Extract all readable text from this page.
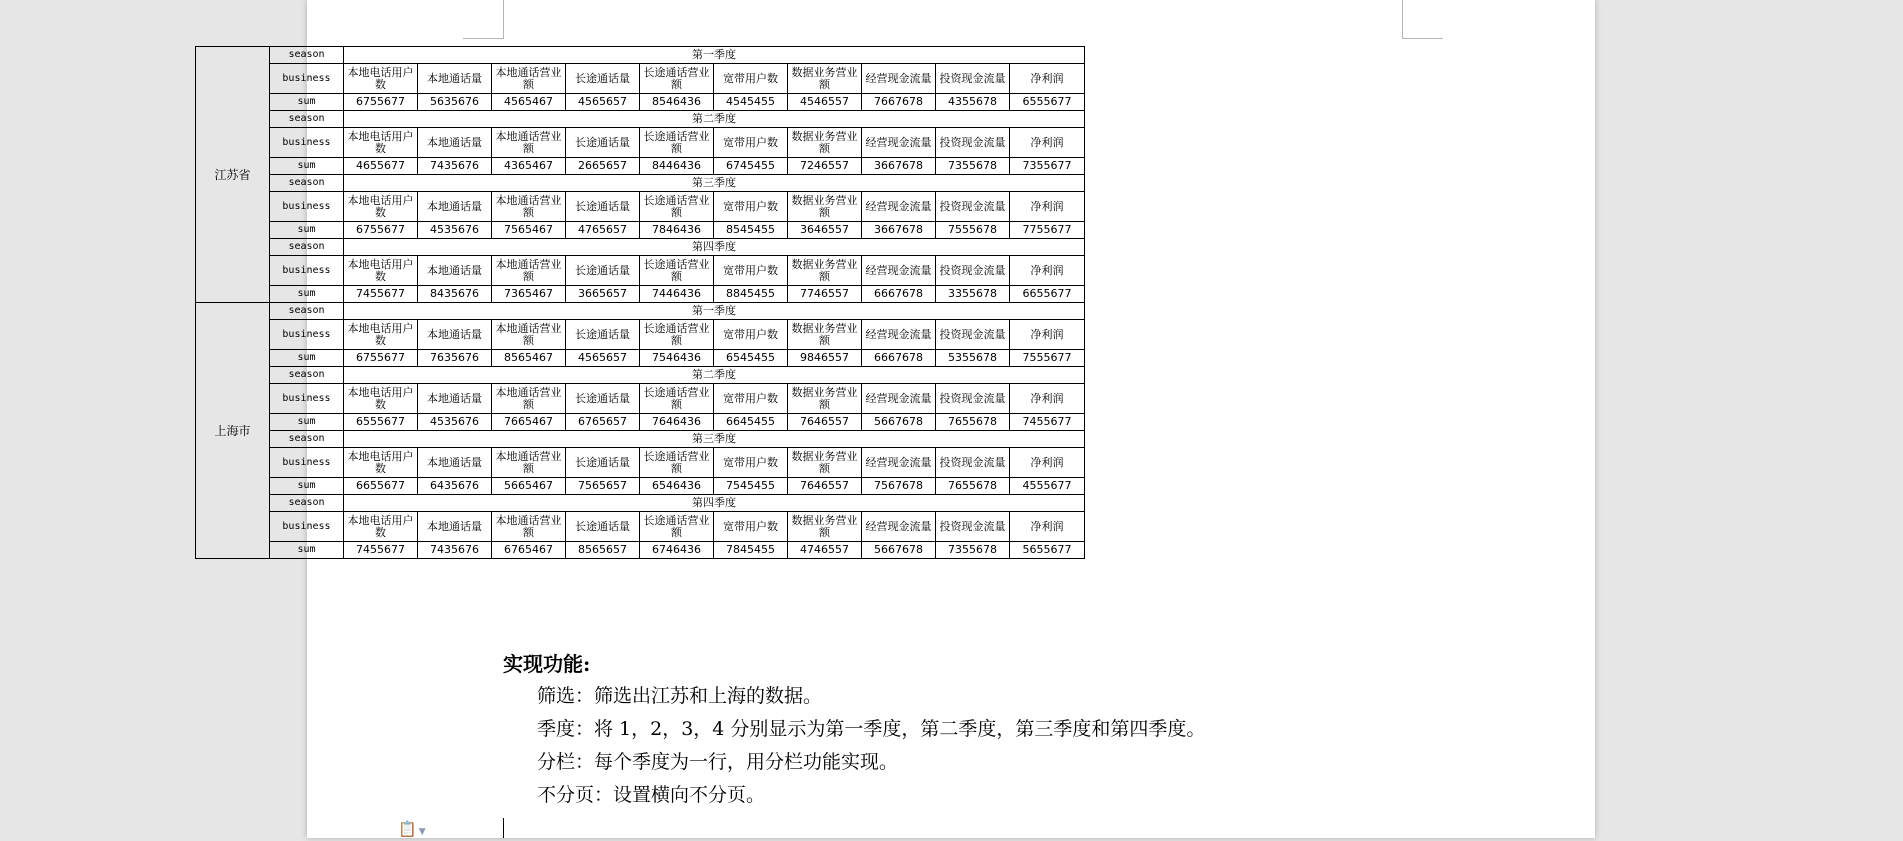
江苏省	season	第一季度									
	business	本地电话用户数	本地通话量	本地通话营业额	长途通话量	长途通话营业额	宽带用户数	数据业务营业额	经营现金流量	投资现金流量	净利润
	sum	6755677	5635676	4565467	4565657	8546436	4545455	4546557	7667678	4355678	6555677
	season	第二季度									
	business	本地电话用户数	本地通话量	本地通话营业额	长途通话量	长途通话营业额	宽带用户数	数据业务营业额	经营现金流量	投资现金流量	净利润
	sum	4655677	7435676	4365467	2665657	8446436	6745455	7246557	3667678	7355678	7355677
	season	第三季度									
	business	本地电话用户数	本地通话量	本地通话营业额	长途通话量	长途通话营业额	宽带用户数	数据业务营业额	经营现金流量	投资现金流量	净利润
	sum	6755677	4535676	7565467	4765657	7846436	8545455	3646557	3667678	7555678	7755677
	season	第四季度									
	business	本地电话用户数	本地通话量	本地通话营业额	长途通话量	长途通话营业额	宽带用户数	数据业务营业额	经营现金流量	投资现金流量	净利润
	sum	7455677	8435676	7365467	3665657	7446436	8845455	7746557	6667678	3355678	6655677
上海市	season	第一季度									
	business	本地电话用户数	本地通话量	本地通话营业额	长途通话量	长途通话营业额	宽带用户数	数据业务营业额	经营现金流量	投资现金流量	净利润
	sum	6755677	7635676	8565467	4565657	7546436	6545455	9846557	6667678	5355678	7555677
	season	第二季度									
	business	本地电话用户数	本地通话量	本地通话营业额	长途通话量	长途通话营业额	宽带用户数	数据业务营业额	经营现金流量	投资现金流量	净利润
	sum	6555677	4535676	7665467	6765657	7646436	6645455	7646557	5667678	7655678	7455677
	season	第三季度									
	business	本地电话用户数	本地通话量	本地通话营业额	长途通话量	长途通话营业额	宽带用户数	数据业务营业额	经营现金流量	投资现金流量	净利润
	sum	6655677	6435676	5665467	7565657	6546436	7545455	7646557	7567678	7655678	4555677
	season	第四季度									
	business	本地电话用户数	本地通话量	本地通话营业额	长途通话量	长途通话营业额	宽带用户数	数据业务营业额	经营现金流量	投资现金流量	净利润
	sum	7455677	7435676	6765467	8565657	6746436	7845455	4746557	5667678	7355678	5655677
实现功能:
筛选：筛选出江苏和上海的数据。
季度：将 1，2，3，4 分别显示为第一季度，第二季度，第三季度和第四季度。
分栏：每个季度为一行，用分栏功能实现。
不分页：设置横向不分页。
📋 ▼
